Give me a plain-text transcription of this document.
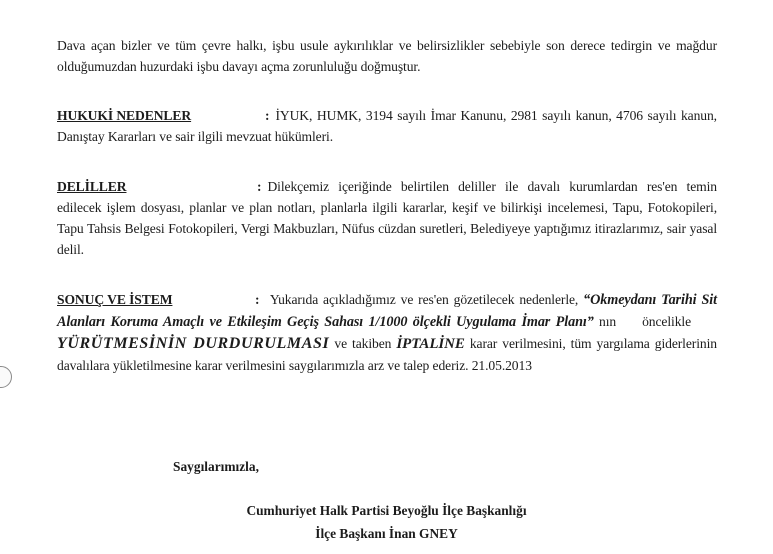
Dava açan bizler ve tüm çevre halkı, işbu usule aykırılıklar ve belirsizlikler sebebiyle son derece tedirgin ve mağdur olduğumuzdan huzurdaki işbu davayı açma zorunluluğu doğmuştur.
HUKUKİ NEDENLER	: İYUK, HUMK, 3194 sayılı İmar Kanunu, 2981 sayılı kanun, 4706 sayılı kanun, Danıştay Kararları ve sair ilgili mevzuat hükümleri.
DELİLLER	: Dilekçemiz içeriğinde belirtilen deliller ile davalı kurumlardan res'en temin edilecek işlem dosyası, planlar ve plan notları, planlarla ilgili kararlar, keşif ve bilirkişi incelemesi, Tapu, Fotokopileri, Tapu Tahsis Belgesi Fotokopileri, Vergi Makbuzları, Nüfus cüzdan suretleri, Belediyeye yaptığımız itirazlarımız, sair yasal delil.
SONUÇ VE İSTEM	: Yukarıda açıkladığımız ve res'en gözetilecek nedenlerle, “Okmeydanı Tarihi Sit Alanları Koruma Amaçlı ve Etkileşim Geçiş Sahası 1/1000 ölçekli Uygulama İmar Planı” nın öncelikleYÜRÜTMESİNİN DURDURULMASI ve takiben İPTALİNE karar verilmesini, tüm yargılama giderlerinin davalılara yükletilmesine karar verilmesini saygılarımızla arz ve talep ederiz. 21.05.2013
Saygılarımızla,
Cumhuriyet Halk Partisi Beyoğlu İlçe Başkanlığı
İlçe Başkanı İnan GNEY
